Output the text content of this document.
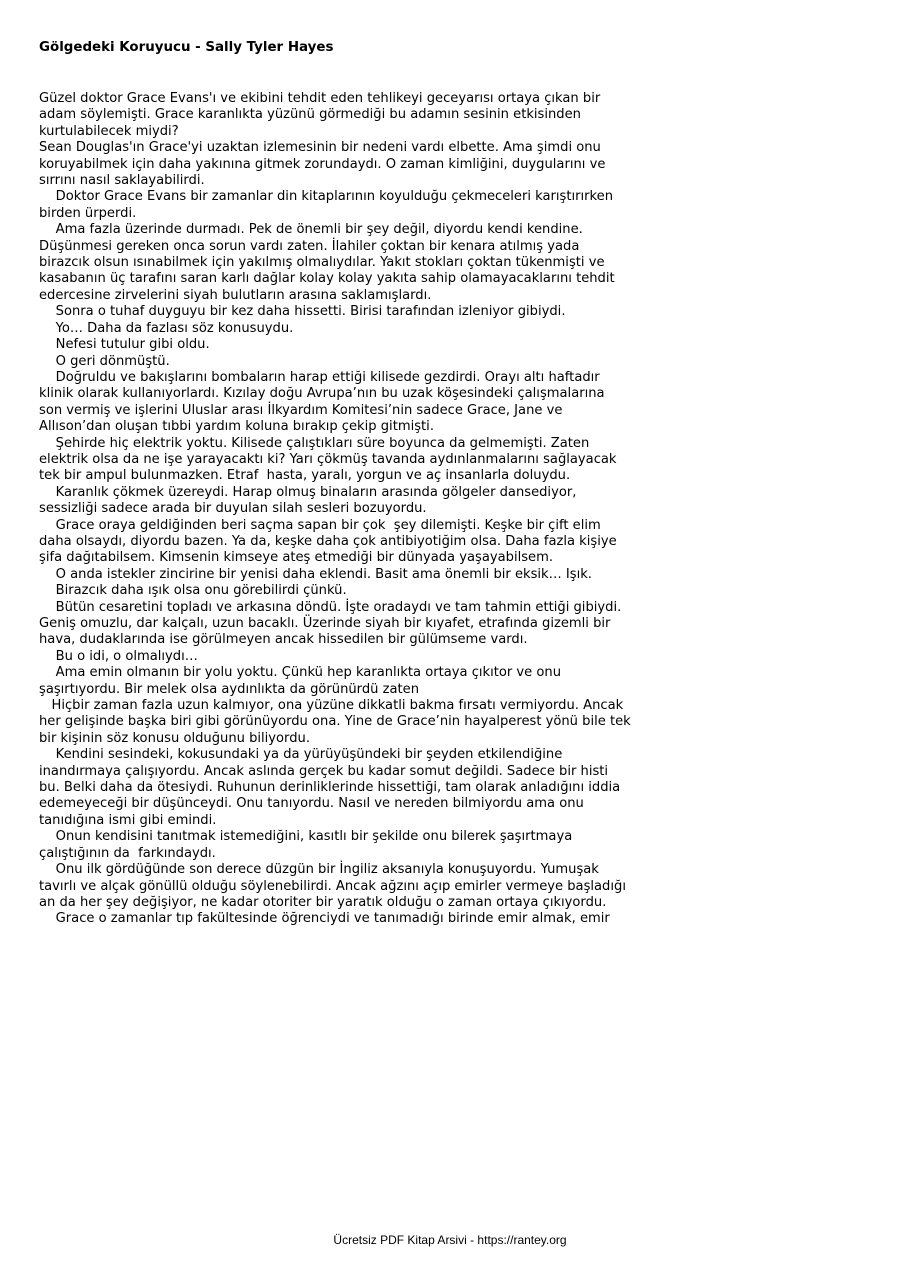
Gölgedeki Koruyucu - Sally Tyler Hayes
Güzel doktor Grace Evans'ı ve ekibini tehdit eden tehlikeyi geceyarısı ortaya çıkan bir
adam söylemişti. Grace karanlıkta yüzünü görmediği bu adamın sesinin etkisinden
kurtulabilecek miydi?
Sean Douglas'ın Grace'yi uzaktan izlemesinin bir nedeni vardı elbette. Ama şimdi onu
koruyabilmek için daha yakınına gitmek zorundaydı. O zaman kimliğini, duygularını ve
sırrını nasıl saklayabilirdi.
Doktor Grace Evans bir zamanlar din kitaplarının koyulduğu çekmeceleri karıştırırken
birden ürperdi.
Ama fazla üzerinde durmadı. Pek de önemli bir şey değil, diyordu kendi kendine.
Düşünmesi gereken onca sorun vardı zaten. İlahiler çoktan bir kenara atılmış yada
birazcık olsun ısınabilmek için yakılmış olmalıydılar. Yakıt stokları çoktan tükenmişti ve
kasabanın üç tarafını saran karlı dağlar kolay kolay yakıta sahip olamayacaklarını tehdit
edercesine zirvelerini siyah bulutların arasına saklamışlardı.
Sonra o tuhaf duyguyu bir kez daha hissetti. Birisi tarafından izleniyor gibiydi.
Yo… Daha da fazlası söz konusuydu.
Nefesi tutulur gibi oldu.
O geri dönmüştü.
Doğruldu ve bakışlarını bombaların harap ettiği kilisede gezdirdi. Orayı altı haftadır
klinik olarak kullanıyorlardı. Kızılay doğu Avrupa’nın bu uzak köşesindeki çalışmalarına
son vermiş ve işlerini Uluslar arası İlkyardım Komitesi’nin sadece Grace, Jane ve
Allıson’dan oluşan tıbbi yardım koluna bırakıp çekip gitmişti.
Şehirde hiç elektrik yoktu. Kilisede çalıştıkları süre boyunca da gelmemişti. Zaten
elektrik olsa da ne işe yarayacaktı ki? Yarı çökmüş tavanda aydınlanmalarını sağlayacak
tek bir ampul bulunmazken. Etraf  hasta, yaralı, yorgun ve aç insanlarla doluydu.
Karanlık çökmek üzereydi. Harap olmuş binaların arasında gölgeler dansediyor,
sessizliği sadece arada bir duyulan silah sesleri bozuyordu.
Grace oraya geldiğinden beri saçma sapan bir çok  şey dilemişti. Keşke bir çift elim
daha olsaydı, diyordu bazen. Ya da, keşke daha çok antibiyotiğim olsa. Daha fazla kişiye
şifa dağıtabilsem. Kimsenin kimseye ateş etmediği bir dünyada yaşayabilsem.
O anda istekler zincirine bir yenisi daha eklendi. Basit ama önemli bir eksik… Işık.
Birazcık daha ışık olsa onu görebilirdi çünkü.
Bütün cesaretini topladı ve arkasına döndü. İşte oradaydı ve tam tahmin ettiği gibiydi.
Geniş omuzlu, dar kalçalı, uzun bacaklı. Üzerinde siyah bir kıyafet, etrafında gizemli bir
hava, dudaklarında ise görülmeyen ancak hissedilen bir gülümseme vardı.
Bu o idi, o olmalıydı…
Ama emin olmanın bir yolu yoktu. Çünkü hep karanlıkta ortaya çıkıtor ve onu
şaşırtıyordu. Bir melek olsa aydınlıkta da görünürdü zaten
Hiçbir zaman fazla uzun kalmıyor, ona yüzüne dikkatli bakma fırsatı vermiyordu. Ancak
her gelişinde başka biri gibi görünüyordu ona. Yine de Grace’nin hayalperest yönü bile tek
bir kişinin söz konusu olduğunu biliyordu.
Kendini sesindeki, kokusundaki ya da yürüyüşündeki bir şeyden etkilendiğine
inandırmaya çalışıyordu. Ancak aslında gerçek bu kadar somut değildi. Sadece bir histi
bu. Belki daha da ötesiydi. Ruhunun derinliklerinde hissettiği, tam olarak anladığını iddia
edemeyeceği bir düşünceydi. Onu tanıyordu. Nasıl ve nereden bilmiyordu ama onu
tanıdığına ismi gibi emindi.
Onun kendisini tanıtmak istemediğini, kasıtlı bir şekilde onu bilerek şaşırtmaya
çalıştığının da  farkındaydı.
Onu ilk gördüğünde son derece düzgün bir İngiliz aksanıyla konuşuyordu. Yumuşak
tavırlı ve alçak gönüllü olduğu söylenebilirdi. Ancak ağzını açıp emirler vermeye başladığı
an da her şey değişiyor, ne kadar otoriter bir yaratık olduğu o zaman ortaya çıkıyordu.
Grace o zamanlar tıp fakültesinde öğrenciydi ve tanımadığı birinde emir almak, emir
Ücretsiz PDF Kitap Arsivi - https://rantey.org
